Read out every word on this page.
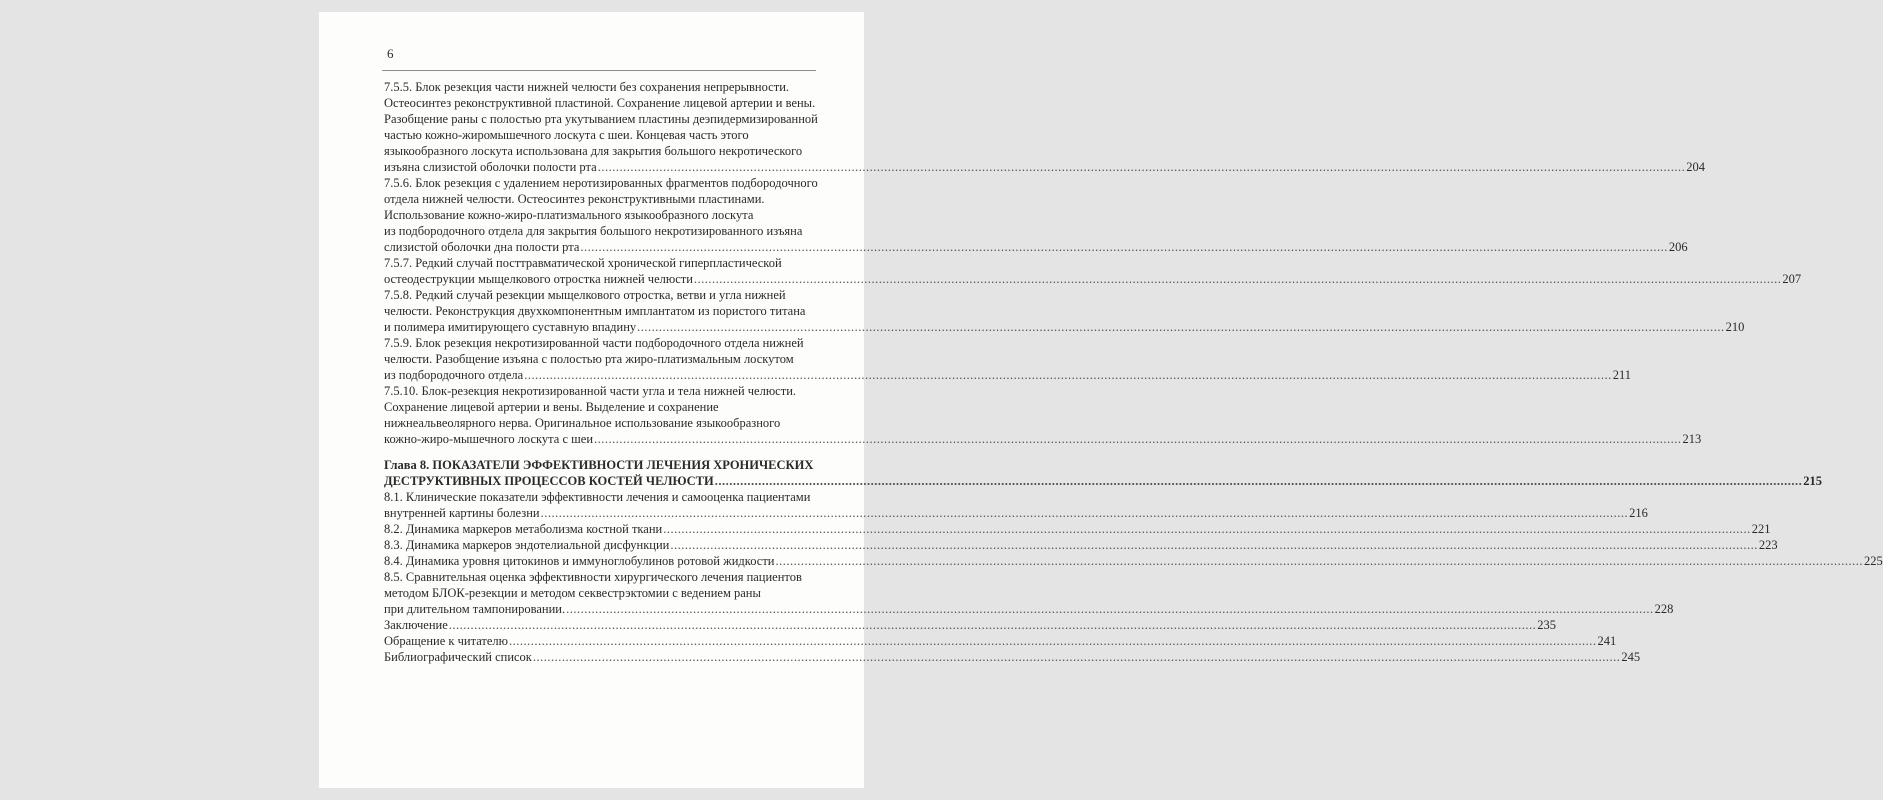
6
7.5.5. Блок резекция части нижней челюсти без сохранения непрерывности.
Остеосинтез реконструктивной пластиной. Сохранение лицевой артерии и вены.
Разобщение раны с полостью рта укутыванием пластины деэпидермизированной
частью кожно-жиромышечного лоскута с шеи. Концевая часть этого
языкообразного лоскута использована для закрытия большого некротического
изъяна слизистой оболочки полости рта ............................................................................................................................................................................................................................................................................................................ 204
7.5.6. Блок резекция с удалением неротизированных фрагментов подбородочного
отдела нижней челюсти. Остеосинтез реконструктивными пластинами.
Использование кожно-жиро-платизмального языкообразного лоскута
из подбородочного отдела для закрытия большого некротизированного изъяна
слизистой оболочки дна полости рта ............................................................................................................................................................................................................................................................................................................ 206
7.5.7. Редкий случай посттравматической хронической гиперпластической
остеодеструкции мыщелкового отростка нижней челюсти ............................................................................................................................................................................................................................................................................................................ 207
7.5.8. Редкий случай резекции мыщелкового отростка, ветви и угла нижней
челюсти. Реконструкция двухкомпонентным имплантатом из пористого титана
и полимера имитирующего суставную впадину ............................................................................................................................................................................................................................................................................................................ 210
7.5.9. Блок резекция некротизированной части подбородочного отдела нижней
челюсти. Разобщение изъяна с полостью рта жиро-платизмальным лоскутом
из подбородочного отдела ............................................................................................................................................................................................................................................................................................................ 211
7.5.10. Блок-резекция некротизированной части угла и тела нижней челюсти.
Сохранение лицевой артерии и вены. Выделение и сохранение
нижнеальвеолярного нерва. Оригинальное использование языкообразного
кожно-жиро-мышечного лоскута с шеи ............................................................................................................................................................................................................................................................................................................ 213
Глава 8. ПОКАЗАТЕЛИ ЭФФЕКТИВНОСТИ ЛЕЧЕНИЯ ХРОНИЧЕСКИХ
ДЕСТРУКТИВНЫХ ПРОЦЕССОВ КОСТЕЙ ЧЕЛЮСТИ ............................................................................................................................................................................................................................................................................................................ 215
8.1. Клинические показатели эффективности лечения и самооценка пациентами
внутренней картины болезни ............................................................................................................................................................................................................................................................................................................ 216
8.2. Динамика маркеров метаболизма костной ткани ............................................................................................................................................................................................................................................................................................................ 221
8.3. Динамика маркеров эндотелиальной дисфункции ............................................................................................................................................................................................................................................................................................................ 223
8.4. Динамика уровня цитокинов и иммуноглобулинов ротовой жидкости ............................................................................................................................................................................................................................................................................................................ 225
8.5. Сравнительная оценка эффективности хирургического лечения пациентов
методом БЛОК-резекции и методом секвестрэктомии с ведением раны
при длительном тампонировании. ............................................................................................................................................................................................................................................................................................................ 228
Заключение ............................................................................................................................................................................................................................................................................................................ 235
Обращение к читателю ............................................................................................................................................................................................................................................................................................................ 241
Библиографический список ............................................................................................................................................................................................................................................................................................................ 245
